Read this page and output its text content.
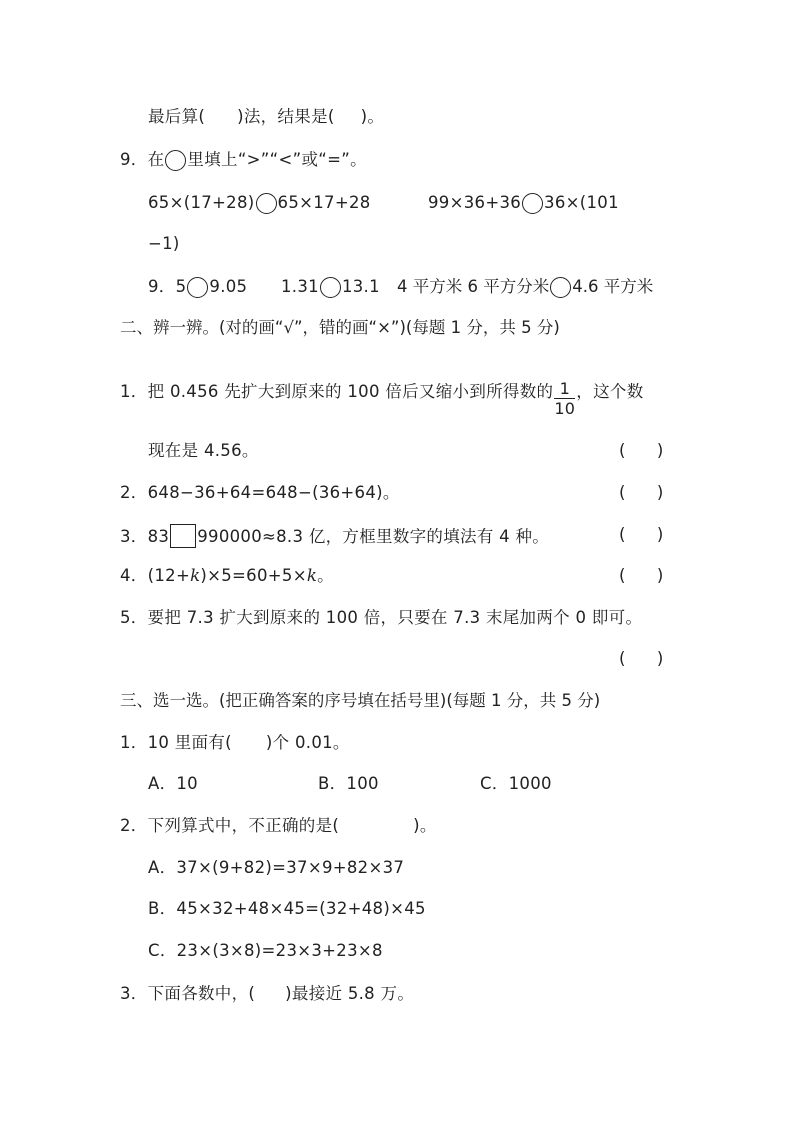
最后算( )法，结果是( )。
9．在 里填上“>”“<”或“=”。
65×(17+28) 65×17+28	99×36+36 36×(101
−1)
9．5 9.05 1.31 13.1 4 平方米 6 平方分米 4.6 平方米
二、辨一辨。(对的画“√”，错的画“×”)(每题 1 分，共 5 分)
1．把 0.456 先扩大到原来的 100 倍后又缩小到所得数的 $\frac{1}{10}$ ，这个数
现在是 4.56。	(      )
2．648−36+64=648−(36+64)。	(      )
3．83 990000≈8.3 亿，方框里数字的填法有 4 种。	(      )
4．(12+k)×5=60+5×k。	(      )
5．要把 7.3 扩大到原来的 100 倍，只要在 7.3 末尾加两个 0 即可。
(      )
三、选一选。(把正确答案的序号填在括号里)(每题 1 分，共 5 分)
1．10 里面有( )个 0.01。
A．10	B．100	C．1000
2．下列算式中，不正确的是(	)。
A．37×(9+82)=37×9+82×37
B．45×32+48×45=(32+48)×45
C．23×(3×8)=23×3+23×8
3．下面各数中，( )最接近 5.8 万。
